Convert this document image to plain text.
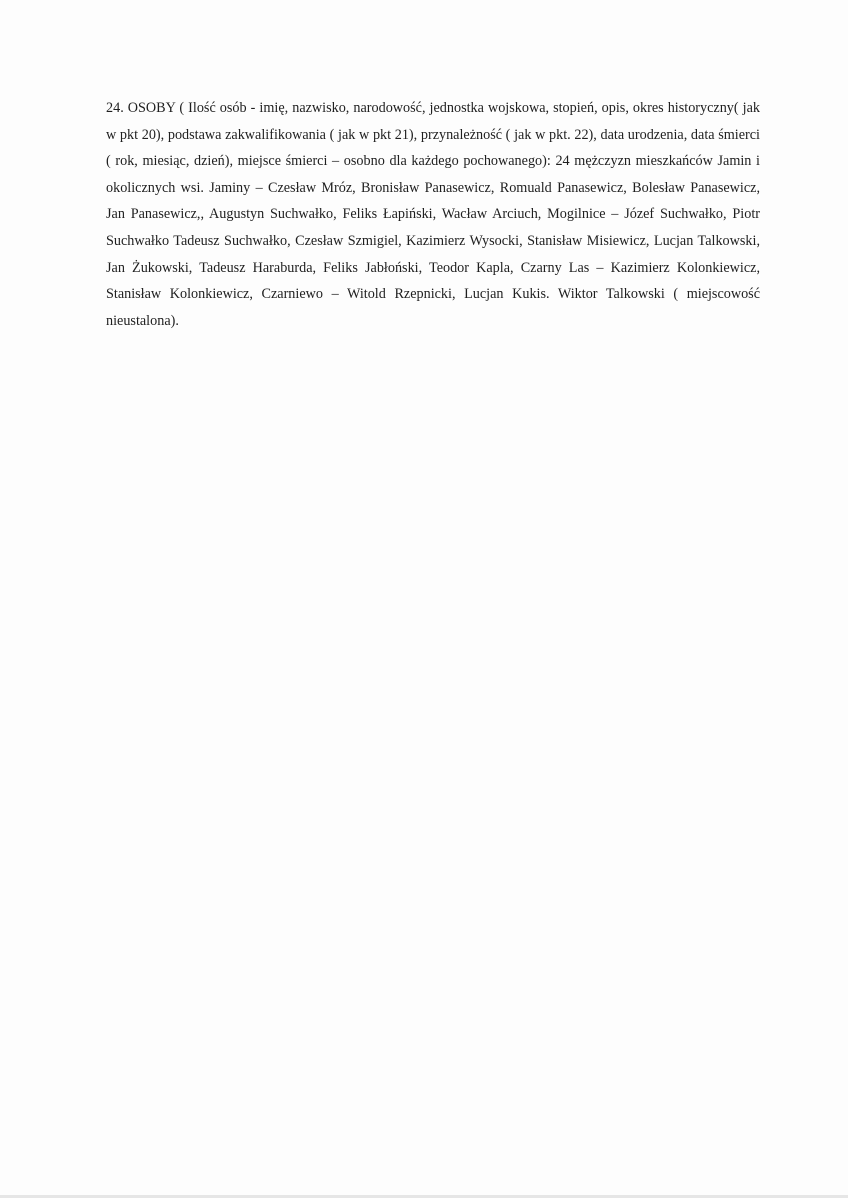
24. OSOBY ( Ilość osób - imię, nazwisko, narodowość, jednostka wojskowa, stopień, opis, okres historyczny( jak w pkt 20), podstawa zakwalifikowania ( jak w pkt 21), przynależność ( jak w pkt. 22), data urodzenia, data śmierci ( rok, miesiąc, dzień), miejsce śmierci – osobno dla każdego pochowanego): 24 mężczyzn mieszkańców Jamin i okolicznych wsi. Jaminy – Czesław Mróz, Bronisław Panasewicz, Romuald Panasewicz, Bolesław Panasewicz, Jan Panasewicz,, Augustyn Suchwałko, Feliks Łapiński, Wacław Arciuch, Mogilnice – Józef Suchwałko, Piotr Suchwałko Tadeusz Suchwałko, Czesław Szmigiel, Kazimierz Wysocki, Stanisław Misiewicz, Lucjan Talkowski, Jan Żukowski, Tadeusz Haraburda, Feliks Jabłoński, Teodor Kapla, Czarny Las – Kazimierz Kolonkiewicz, Stanisław Kolonkiewicz, Czarniewo – Witold Rzepnicki, Lucjan Kukis. Wiktor Talkowski ( miejscowość nieustalona).
